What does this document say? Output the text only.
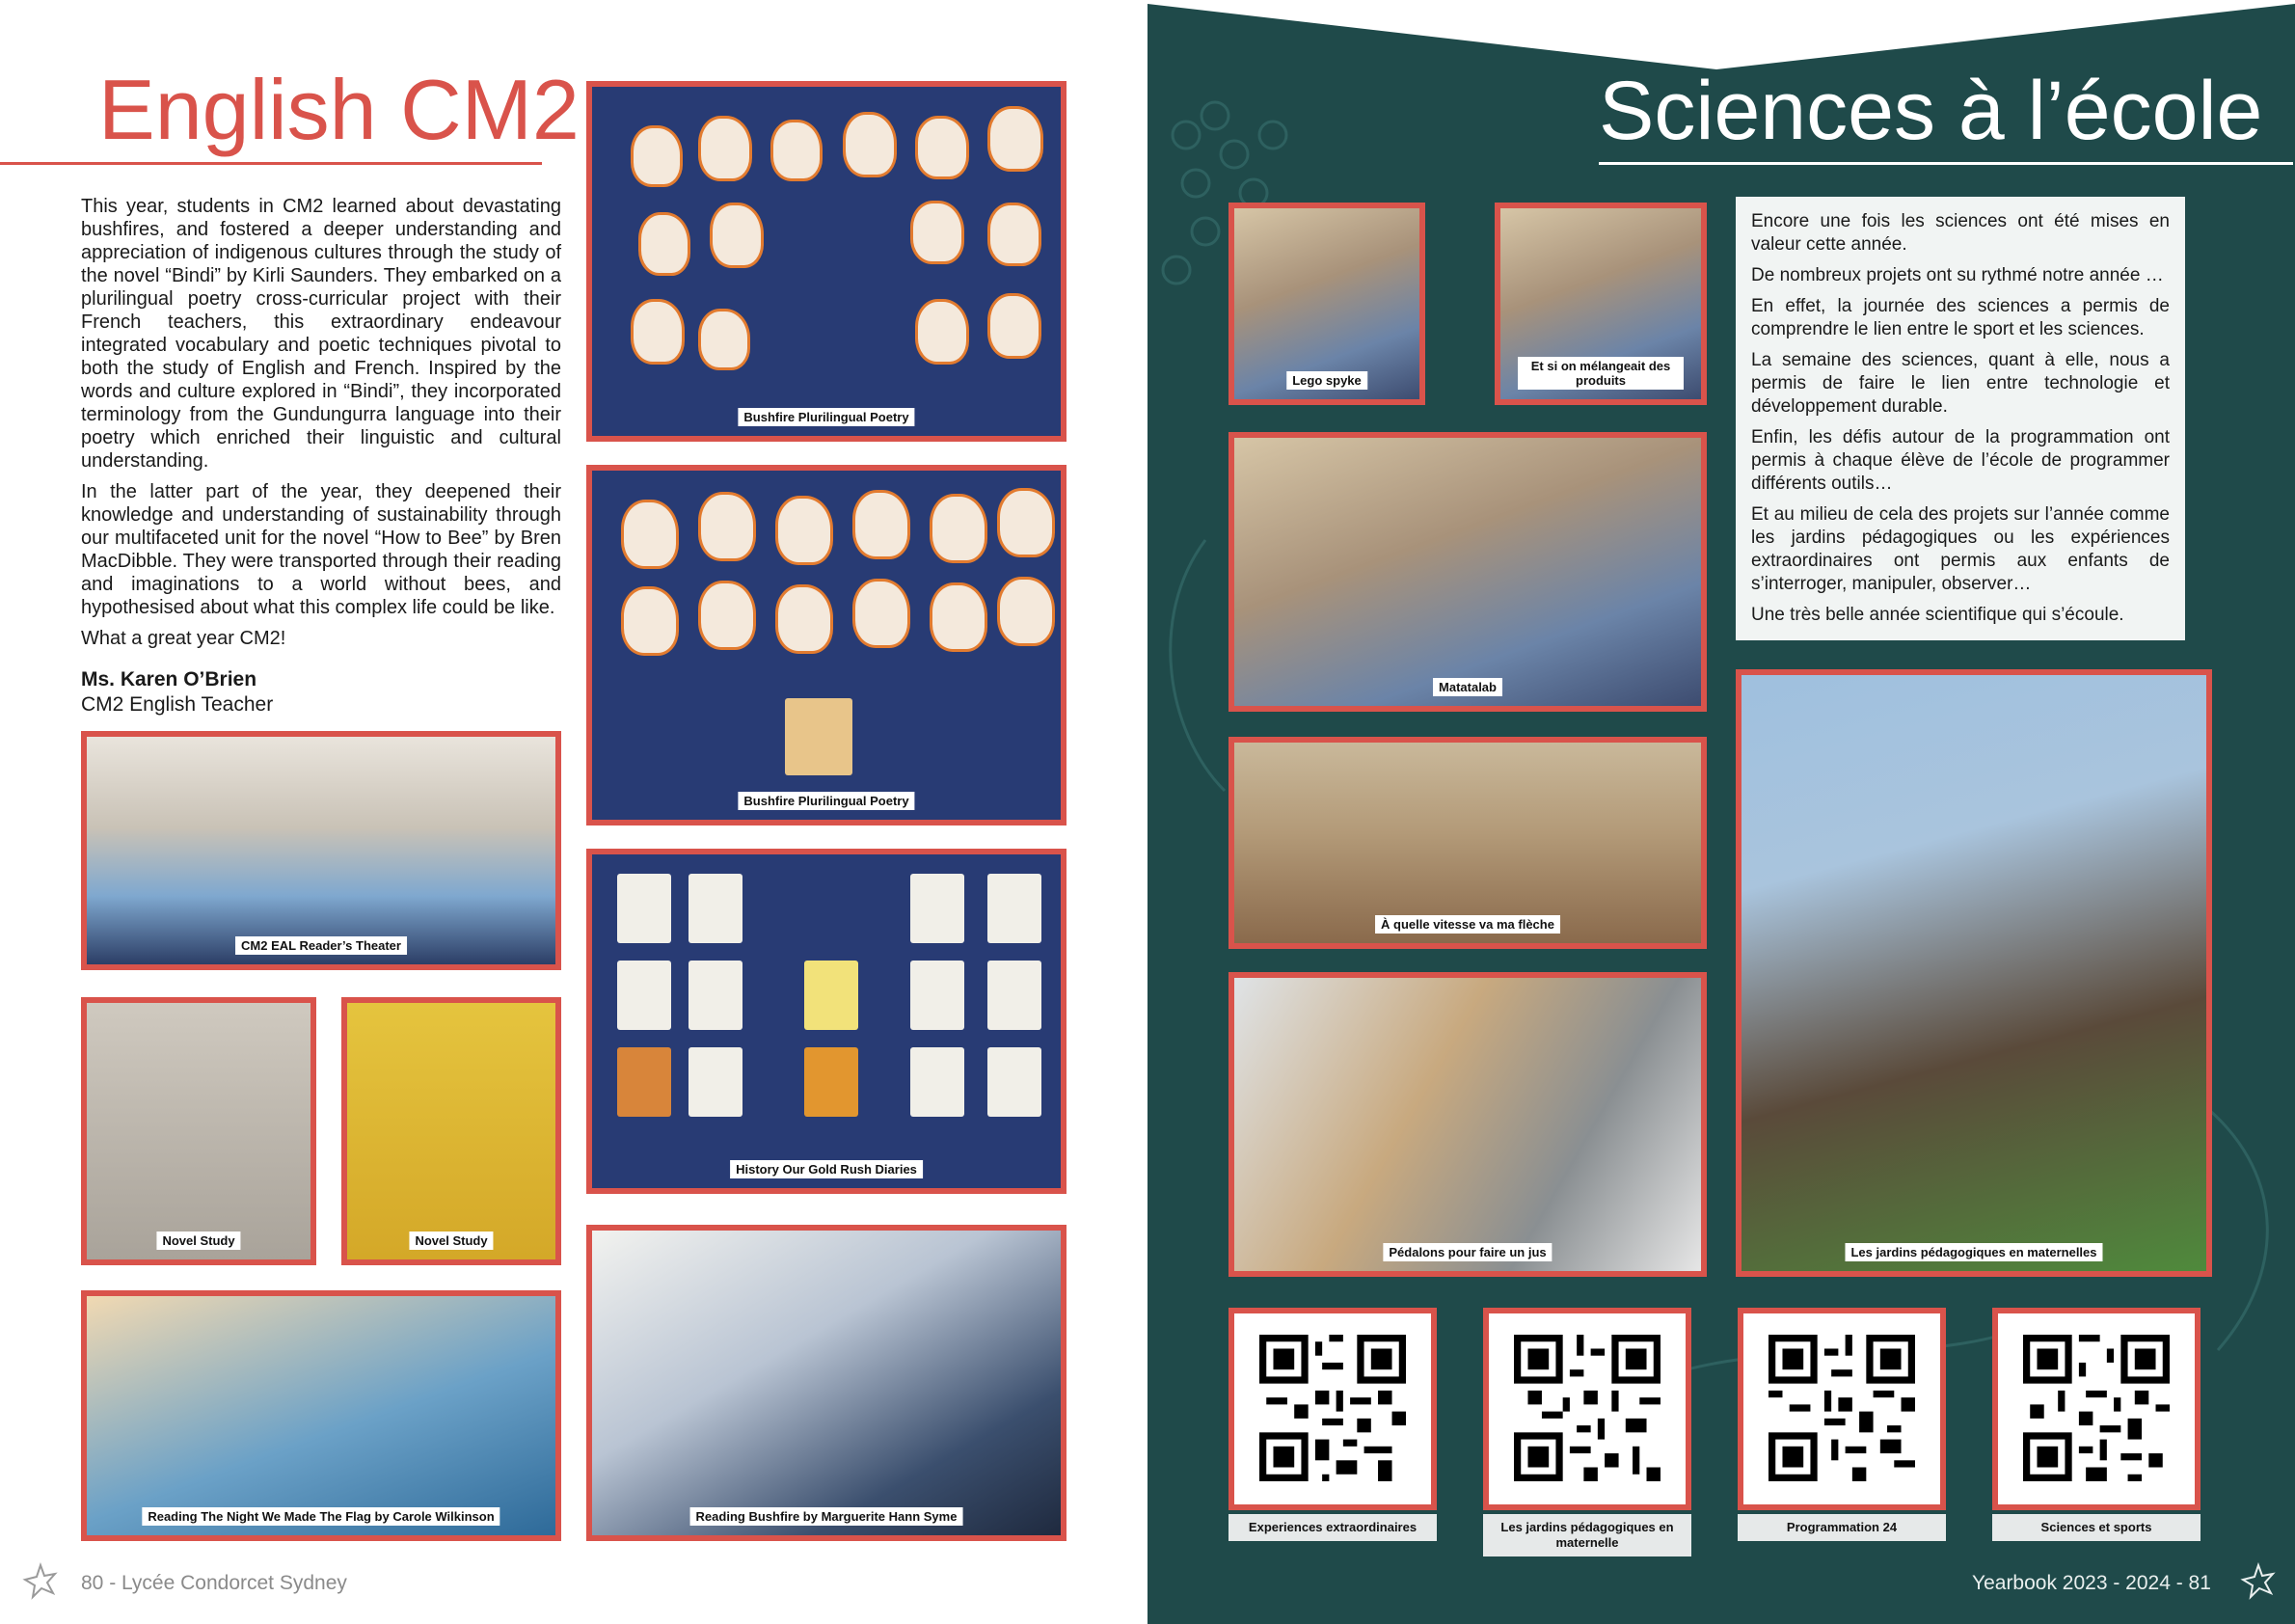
English CM2

This year, students in CM2 learned about devastating bushfires, and fostered a deeper understanding and appreciation of indigenous cultures through the study of the novel “Bindi” by Kirli Saunders. They embarked on a plurilingual poetry cross-curricular project with their French teachers, this extraordinary endeavour integrated vocabulary and poetic techniques pivotal to both the study of English and French. Inspired by the words and culture explored in “Bindi”, they incorporated terminology from the Gundungurra language into their poetry which enriched their linguistic and cultural understanding.

In the latter part of the year, they deepened their knowledge and understanding of sustainability through our multifaceted unit for the novel “How to Bee” by Bren MacDibble. They were transported through their reading and imaginations to a world without bees, and hypothesised about what this complex life could be like.

What a great year CM2!

Ms. Karen O’Brien
CM2 English Teacher
CM2 EAL Reader’s Theater
Novel Study	Novel Study
Reading The Night We Made The Flag by Carole Wilkinson
Bushfire Plurilingual Poetry
Bushfire Plurilingual Poetry
History Our Gold Rush Diaries
Reading Bushfire by Marguerite Hann Syme
80 - Lycée Condorcet Sydney
Sciences à l’école
Lego spyke
Et si on mélangeait des produits
Matatalab
À quelle vitesse va ma flèche
Pédalons pour faire un jus

Encore une fois les sciences ont été mises en valeur cette année.

De nombreux projets ont su rythmé notre année …

En effet, la journée des sciences a permis de comprendre le lien entre le sport et les sciences.

La semaine des sciences, quant à elle, nous a permis de faire le lien entre technologie et développement durable.

Enfin, les défis autour de la programmation ont permis à chaque élève de l’école de programmer différents outils…

Et au milieu de cela des projets sur l’année comme les jardins pédagogiques ou les expériences extraordinaires ont permis aux enfants de s’interroger, manipuler, observer…

Une très belle année scientifique qui s’écoule.

Les jardins pédagogiques en maternelles
Experiences extraordinaires	Les jardins pédagogiques en maternelle
Programmation 24	Sciences et sports
Yearbook 2023 - 2024 - 81
